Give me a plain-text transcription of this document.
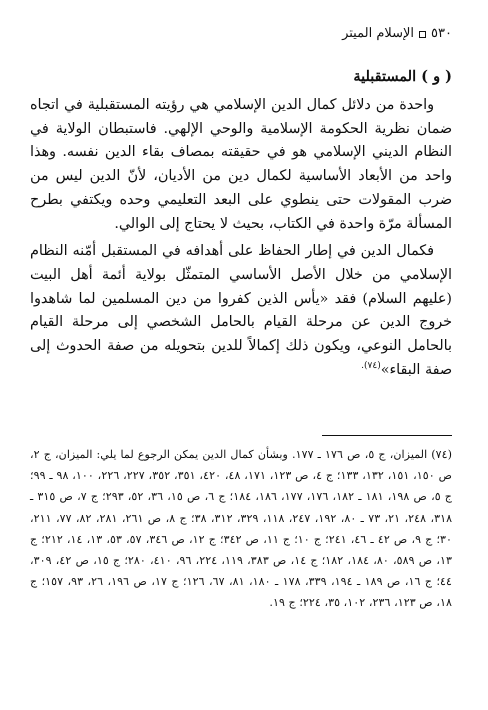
٥٣٠
الإسلام الميتر
( و ) المستقبلية

واحدة من دلائل كمال الدين الإسلامي هي رؤيته المستقبلية في اتجاه ضمان نظرية الحكومة الإسلامية والوحي الإلهي. فاستبطان الولاية في النظام الديني الإسلامي هو في حقيقته بمصاف بقاء الدين نفسه. وهذا واحد من الأبعاد الأساسية لكمال دين من الأديان، لأنّ الدين ليس من ضرب المقولات حتى ينطوي على البعد التعليمي وحده ويكتفي بطرح المسألة مرّة واحدة في الكتاب، بحيث لا يحتاج إلى الوالي.

فكمال الدين في إطار الحفاظ على أهدافه في المستقبل أمّنه النظام الإسلامي من خلال الأصل الأساسي المتمثّل بولاية أئمة أهل البيت (عليهم السلام) فقد «يأس الذين كفروا من دين المسلمين لما شاهدوا خروج الدين عن مرحلة القيام بالحامل الشخصي إلى مرحلة القيام بالحامل النوعي، ويكون ذلك إكمالاً للدين بتحويله من صفة الحدوث إلى صفة البقاء»$^{(٧٤).}$

(٧٤) الميزان، ج ٥، ص ١٧٦ ـ ١٧٧. وبشأن كمال الدين يمكن الرجوع لما يلي: الميزان، ج ٢، ص ١٥٠، ١٥١، ١٣٢، ١٣٣؛ ج ٤، ص ١٢٣، ١٧١، ٤٨، ٤٢٠، ٣٥١، ٣٥٢، ٢٢٧، ٢٢٦، ١٠٠، ٩٨ ـ ٩٩؛ ج ٥، ص ١٩٨، ١٨١ ـ ١٨٢، ١٧٦، ١٧٧، ١٨٦، ١٨٤؛ ج ٦، ص ١٥، ٣٦، ٥٢، ٢٩٣؛ ج ٧، ص ٣١٥ ـ ٣١٨، ٢٤٨، ٢١، ٧٣ ـ ٨٠، ١٩٢، ٢٤٧، ١١٨، ٣٢٩، ٣١٢، ٣٨؛ ج ٨، ص ٢٦١، ٢٨١، ٨٢، ٧٧، ٢١١، ٣٠؛ ج ٩، ص ٤٢ ـ ٤٦، ٢٤١؛ ج ١٠؛ ج ١١، ص ٣٤٢؛ ج ١٢، ص ٣٤٦، ٥٧، ٥٣، ١٣، ١٤، ٢١٢؛ ج ١٣، ص ٥٨٩، ٨٠، ١٨٤، ١٨٢؛ ج ١٤، ص ٣٨٣، ١١٩، ٢٢٤، ٩٦، ٤١٠، ٢٨٠؛ ج ١٥، ص ٤٢، ٣٠٩، ٤٤؛ ج ١٦، ص ١٨٩ ـ ١٩٤، ٣٣٩، ١٧٨ ـ ١٨٠، ٨١، ٦٧، ١٢٦؛ ج ١٧، ص ١٩٦، ٢٦، ٩٣، ١٥٧؛ ج ١٨، ص ١٢٣، ٢٣٦، ١٠٢، ٣٥، ٢٢٤؛ ج ١٩.
